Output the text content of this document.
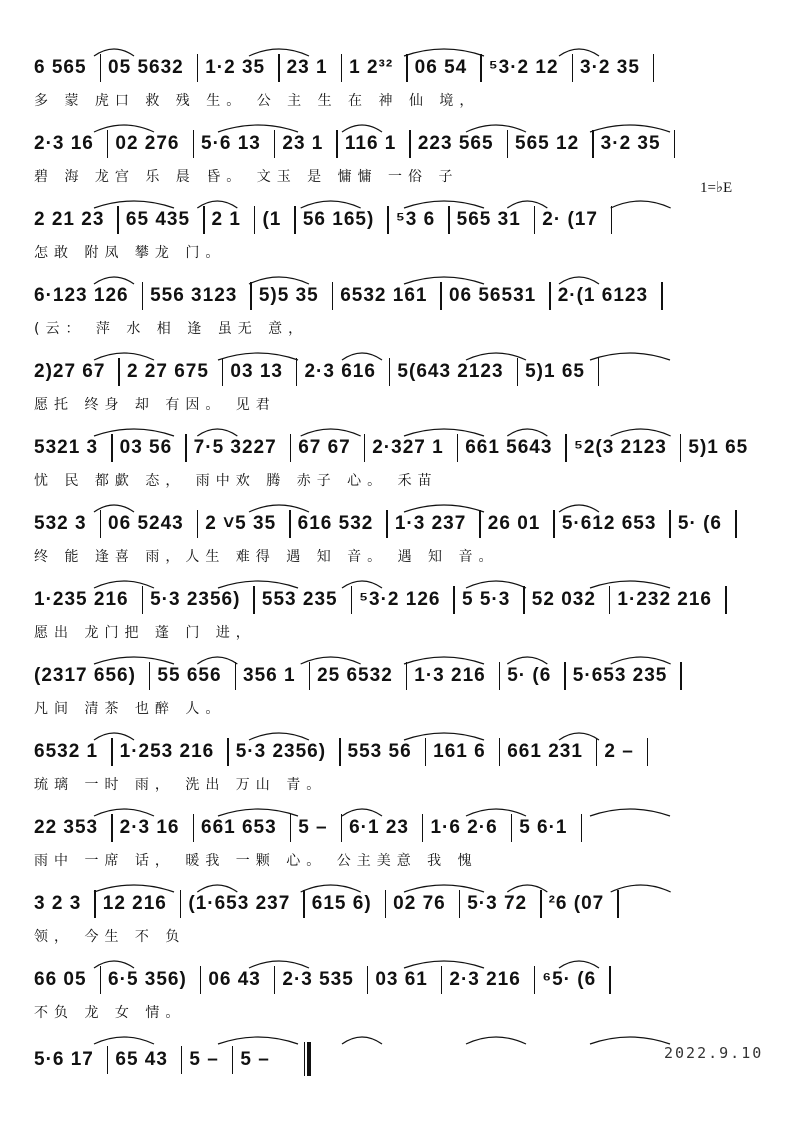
1=♭E
2022.9.10
6 565 05 5632 1·2 35 23 1 1 2³² 06 54 ⁵3·2 12 3·2 35
多 蒙 虎口 救 残 生。 公 主 生 在 神 仙 境，
2·3 16 02 276 5·6 13 23 1 116 1 223 565 565 12 3·2 35
碧 海 龙宫 乐 晨 昏。 文玉 是 慵慵 一俗 子
2 21 23 65 435 2 1 (1 56 165) ⁵3 6 565 31 2· (17
怎敢 附凤 攀龙 门。
6·123 126 556 3123 5)5 35 6532 161 06 56531 2·(1 6123
(云： 萍 水 相 逢 虽无 意，
2)27 67 2 27 675 03 13 2·3 616 5(643 2123 5)1 65
愿托 终身 却 有因。 见君
5321 3 03 56 7·5 3227 67 67 2·327 1 661 5643 ⁵2(3 2123 5)1 65
忧 民 都歔 态， 雨中欢 腾 赤子 心。 禾苗
532 3 06 5243 2 ˅5 35 616 532 1·3 237 26 01 5·612 653 5· (6
终 能 逢喜 雨，人生 难得 遇 知 音。 遇 知 音。
1·235 216 5·3 2356) 553 235 ⁵3·2 126 5 5·3 52 032 1·232 216
愿出 龙门把 蓬 门 进，
(2317 656) 55 656 356 1 25 6532 1·3 216 5· (6 5·653 235
凡间 清茶 也醉 人。
6532 1 1·253 216 5·3 2356) 553 56 161 6 661 231 2 –
琉璃 一时 雨， 洗出 万山 青。
22 353 2·3 16 661 653 5 – 6·1 23 1·6 2·6 5 6·1
雨中 一席 话， 暖我 一颗 心。 公主美意 我 愧
3 2 3 12 216 (1·653 237 615 6) 02 76 5·3 72 ²6 (07
领， 今生 不 负
66 05 6·5 356) 06 43 2·3 535 03 61 2·3 216 ⁶5· (6
不负 龙 女 情。
5·6 17 65 43 5 – 5 –
